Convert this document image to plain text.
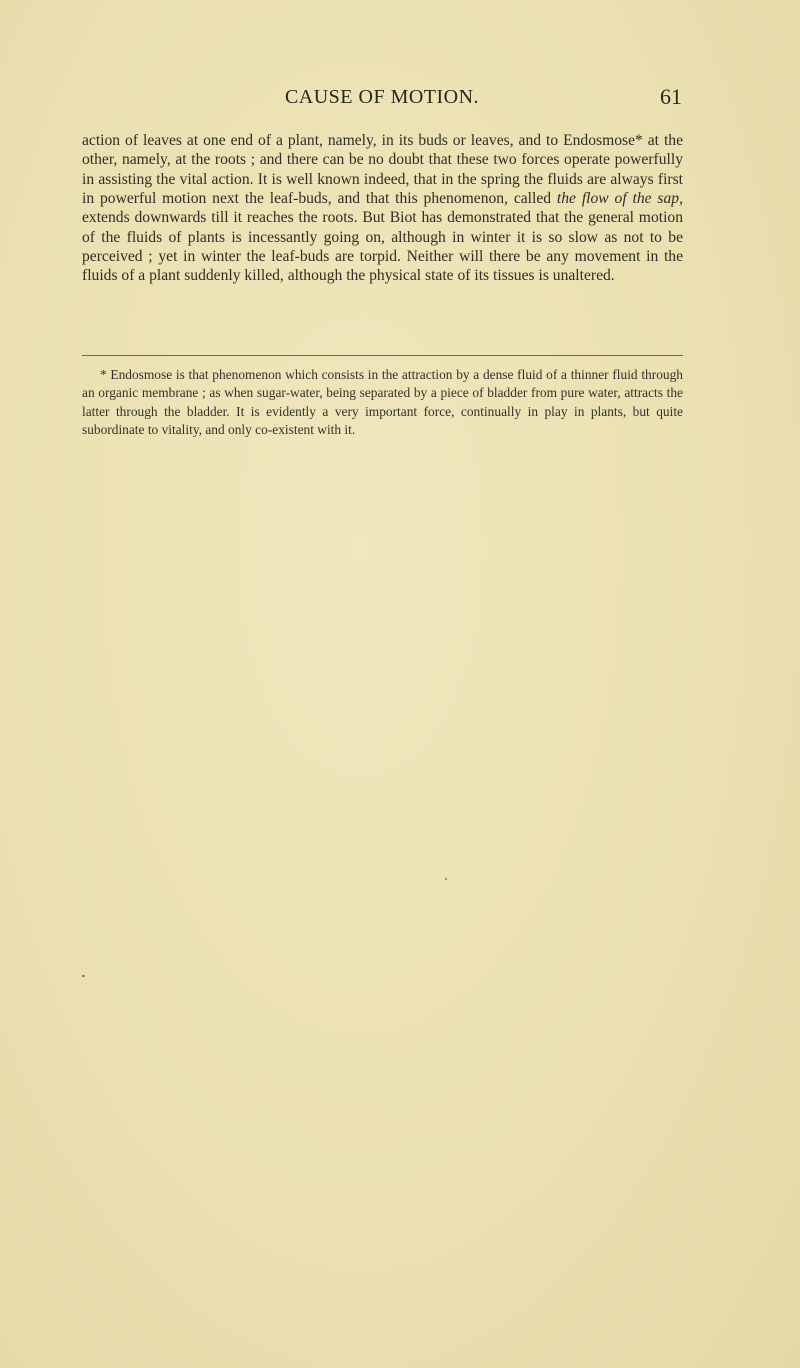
CAUSE OF MOTION.	61
action of leaves at one end of a plant, namely, in its buds or leaves, and to Endosmose* at the other, namely, at the roots ; and there can be no doubt that these two forces operate powerfully in assisting the vital action. It is well known indeed, that in the spring the fluids are always first in powerful motion next the leaf-buds, and that this phenomenon, called the flow of the sap, extends downwards till it reaches the roots. But Biot has demonstrated that the general motion of the fluids of plants is incessantly going on, although in winter it is so slow as not to be perceived ; yet in winter the leaf-buds are torpid. Neither will there be any movement in the fluids of a plant suddenly killed, although the physical state of its tissues is unaltered.
* Endosmose is that phenomenon which consists in the attraction by a dense fluid of a thinner fluid through an organic membrane ; as when sugar-water, being separated by a piece of bladder from pure water, attracts the latter through the bladder. It is evidently a very important force, continually in play in plants, but quite subordinate to vitality, and only co-existent with it.
